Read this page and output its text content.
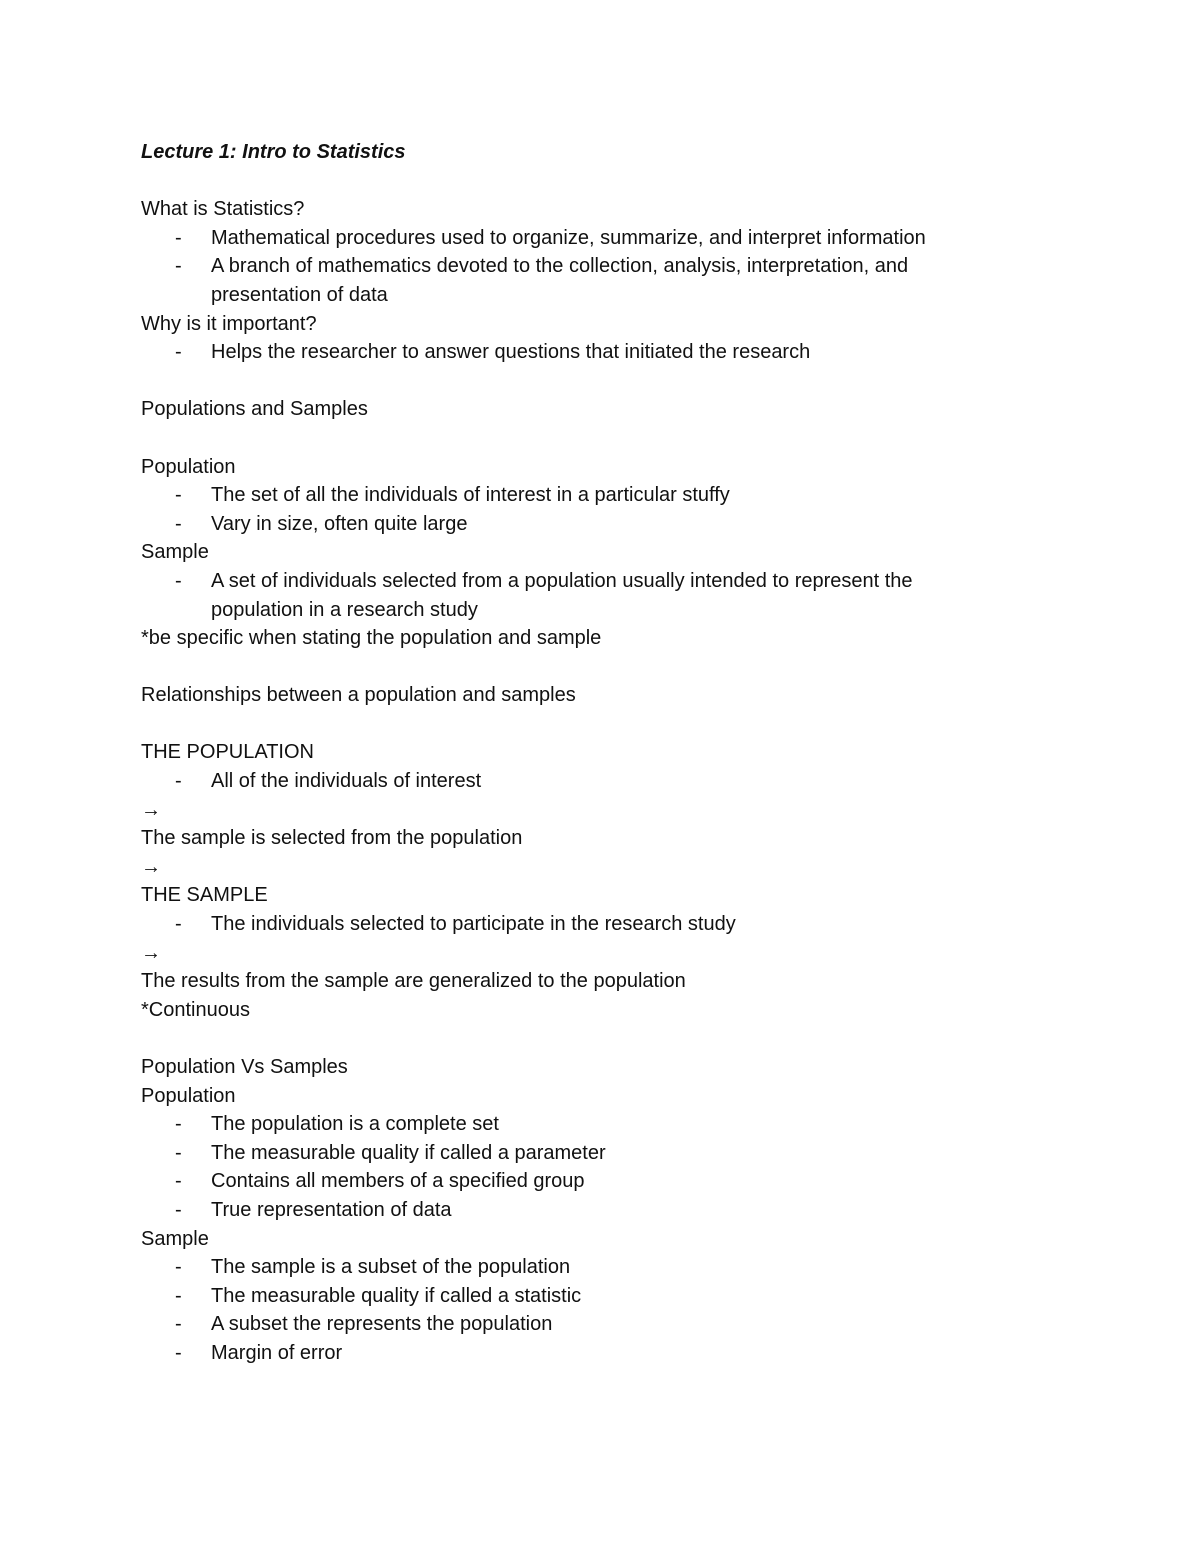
Lecture 1: Intro to Statistics
What is Statistics?
- Mathematical procedures used to organize, summarize, and interpret information
- A branch of mathematics devoted to the collection, analysis, interpretation, and
presentation of data
Why is it important?
- Helps the researcher to answer questions that initiated the research
Populations and Samples
Population
- The set of all the individuals of interest in a particular stuffy
- Vary in size, often quite large
Sample
- A set of individuals selected from a population usually intended to represent the
population in a research study
*be specific when stating the population and sample
Relationships between a population and samples
THE POPULATION
- All of the individuals of interest
→
The sample is selected from the population
→
THE SAMPLE
- The individuals selected to participate in the research study
→
The results from the sample are generalized to the population
*Continuous
Population Vs Samples
Population
- The population is a complete set
- The measurable quality if called a parameter
- Contains all members of a specified group
- True representation of data
Sample
- The sample is a subset of the population
- The measurable quality if called a statistic
- A subset the represents the population
- Margin of error
